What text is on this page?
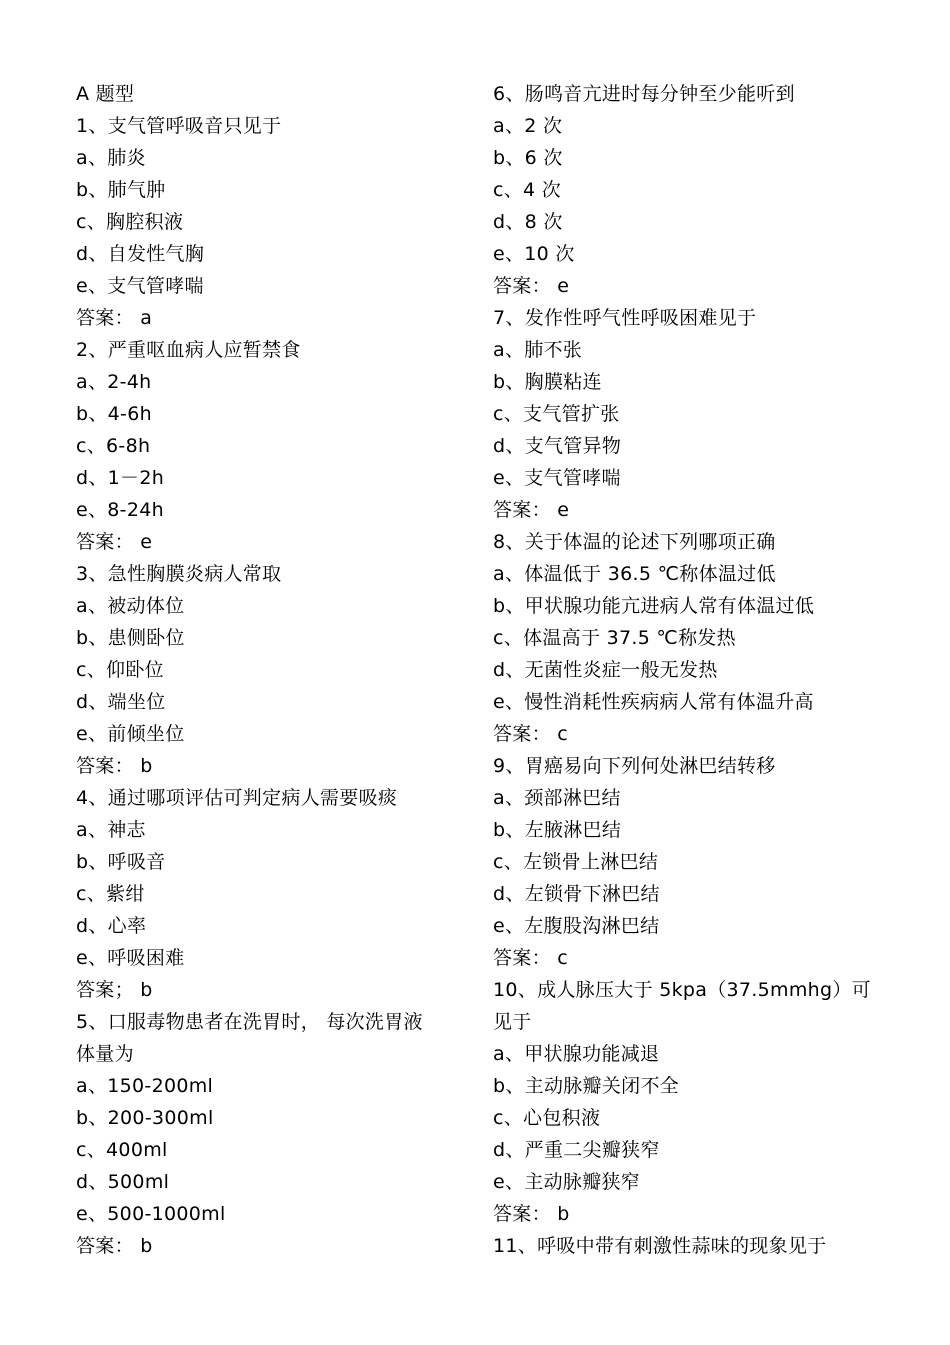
A 题型
1、支气管呼吸音只见于
a、肺炎
b、肺气肿
c、胸腔积液
d、自发性气胸
e、支气管哮喘
答案： a
2、严重呕血病人应暂禁食
a、2-4h
b、4-6h
c、6-8h
d、1－2h
e、8-24h
答案： e
3、急性胸膜炎病人常取
a、被动体位
b、患侧卧位
c、仰卧位
d、端坐位
e、前倾坐位
答案： b
4、通过哪项评估可判定病人需要吸痰
a、神志
b、呼吸音
c、紫绀
d、心率
e、呼吸困难
答案； b
5、口服毒物患者在洗胃时， 每次洗胃液
体量为
a、150-200ml
b、200-300ml
c、400ml
d、500ml
e、500-1000ml
答案： b
6、肠鸣音亢进时每分钟至少能听到
a、2 次
b、6 次
c、4 次
d、8 次
e、10 次
答案： e
7、发作性呼气性呼吸困难见于
a、肺不张
b、胸膜粘连
c、支气管扩张
d、支气管异物
e、支气管哮喘
答案： e
8、关于体温的论述下列哪项正确
a、体温低于 36.5 ℃称体温过低
b、甲状腺功能亢进病人常有体温过低
c、体温高于 37.5 ℃称发热
d、无菌性炎症一般无发热
e、慢性消耗性疾病病人常有体温升高
答案： c
9、胃癌易向下列何处淋巴结转移
a、颈部淋巴结
b、左腋淋巴结
c、左锁骨上淋巴结
d、左锁骨下淋巴结
e、左腹股沟淋巴结
答案： c
10、成人脉压大于 5kpa（37.5mmhg）可
见于
a、甲状腺功能减退
b、主动脉瓣关闭不全
c、心包积液
d、严重二尖瓣狭窄
e、主动脉瓣狭窄
答案： b
11、呼吸中带有刺激性蒜味的现象见于
